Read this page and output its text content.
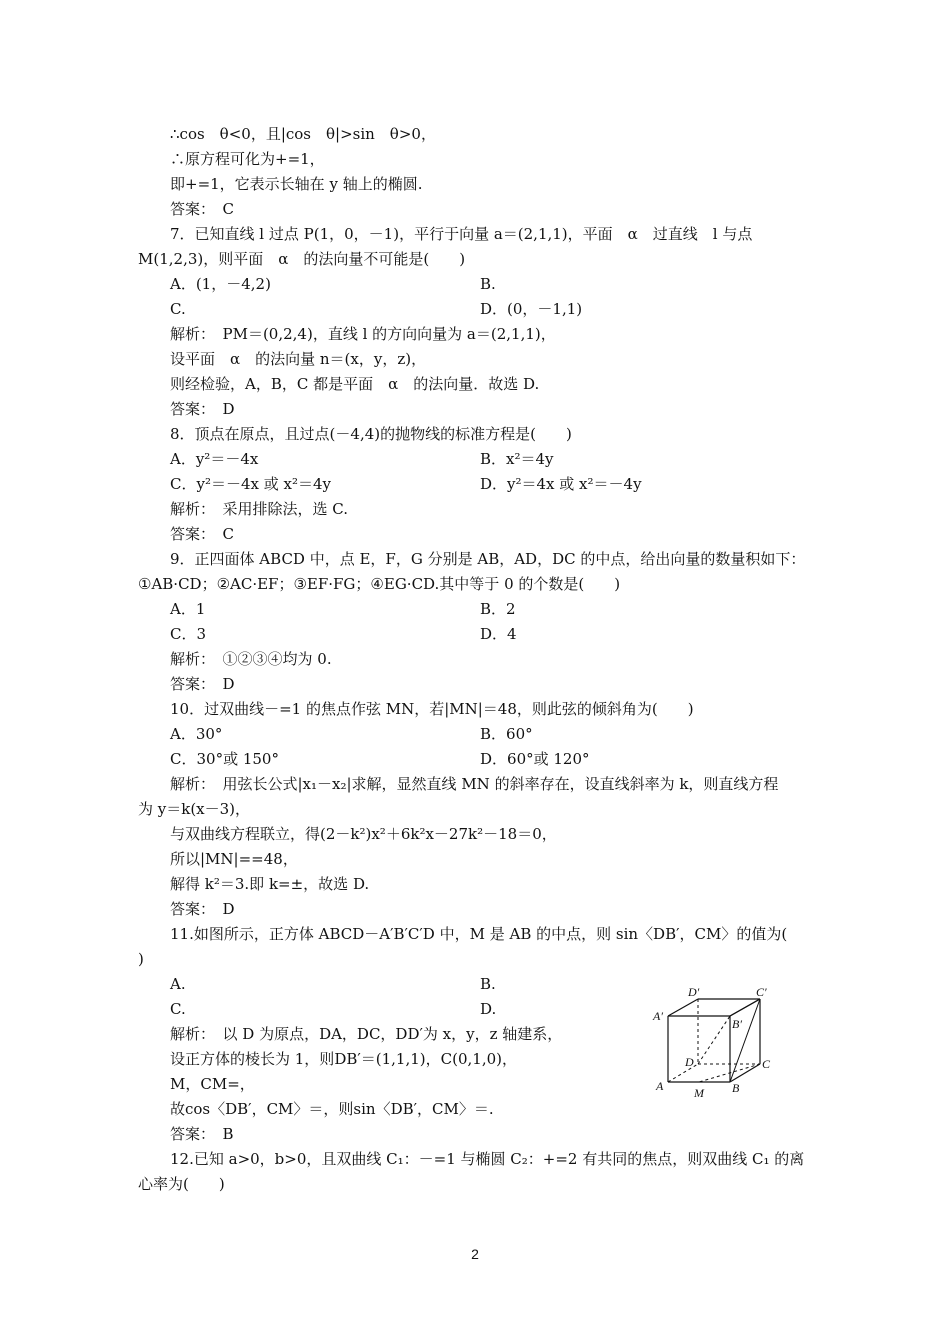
∴cos　θ<0，且|cos　θ|>sin　θ>0，
∴原方程可化为+=1，
即+=1，它表示长轴在 y 轴上的椭圆.
答案：　C
7．已知直线 l 过点 P(1，0，－1)，平行于向量 a＝(2,1,1)，平面　α　过直线　l 与点
M(1,2,3)，则平面　α　的法向量不可能是(　　)
A．(1，－4,2)	B.
C.	D．(0，－1,1)
解析：　PM＝(0,2,4)，直线 l 的方向向量为 a＝(2,1,1)，
设平面　α　的法向量 n＝(x，y，z)，
则经检验，A，B，C 都是平面　α　的法向量．故选 D.
答案：　D
8．顶点在原点，且过点(－4,4)的抛物线的标准方程是(　　)
A．y²＝－4x	B．x²＝4y
C．y²＝－4x 或 x²＝4y	D．y²＝4x 或 x²＝－4y
解析：　采用排除法，选 C.
答案：　C
9．正四面体 ABCD 中，点 E，F，G 分别是 AB，AD，DC 的中点，给出向量的数量积如下：
①AB·CD；②AC·EF；③EF·FG；④EG·CD.其中等于 0 的个数是(　　)
A．1	B．2
C．3	D．4
解析：　①②③④均为 0.
答案：　D
10．过双曲线－=1 的焦点作弦 MN，若|MN|＝48，则此弦的倾斜角为(　　)
A．30°	B．60°
C．30°或 150°	D．60°或 120°
解析：　用弦长公式|x₁－x₂|求解，显然直线 MN 的斜率存在，设直线斜率为 k，则直线方程
为 y＝k(x－3)，
与双曲线方程联立，得(2－k²)x²＋6k²x－27k²－18＝0，
所以|MN|==48，
解得 k²＝3.即 k=±，故选 D.
答案：　D
11.如图所示，正方体 ABCD－A′B′C′D 中，M 是 AB 的中点，则 sin〈DB′，CM〉的值为(
)
A.	B.
C.	D.
解析：　以 D 为原点，DA，DC，DD′为 x，y，z 轴建系，
设正方体的棱长为 1，则DB′＝(1,1,1)，C(0,1,0)，
M，CM=，
故cos〈DB′，CM〉＝，则sin〈DB′，CM〉＝.
答案：　B
12.已知 a>0，b>0，且双曲线 C₁：－=1 与椭圆 C₂：+=2 有共同的焦点，则双曲线 C₁ 的离
心率为(　　)
D′	C′
A′
B′
D	C
A	M B
2
